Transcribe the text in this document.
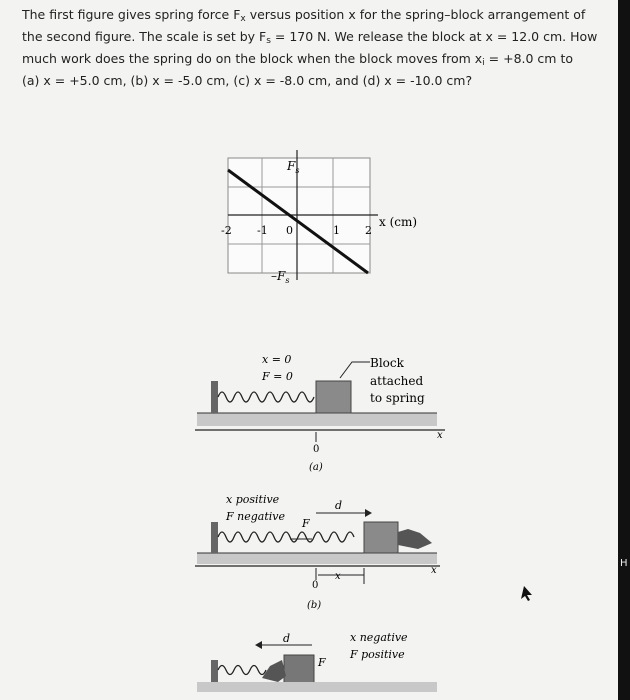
The first figure gives spring force $F_x$ versus position x for the spring–block arrangement of

the second figure. The scale is set by $F_s = 170$ N. We release the block at x = 12.0 cm. How

much work does the spring do on the block when the block moves from $x_i = +8.0$ cm to

(a) x = +5.0 cm, (b) x = -5.0 cm, (c) x = -8.0 cm, and (d) x = -10.0 cm?

$F_s$
$-F_s$
x (cm)
-2 -1 0	1 2
x = 0
F = 0
Block
attached
to spring
x
0
(a)
x positive
F negative
d
F
x
0
x
(b)
x negative
F positive
d
F
H
